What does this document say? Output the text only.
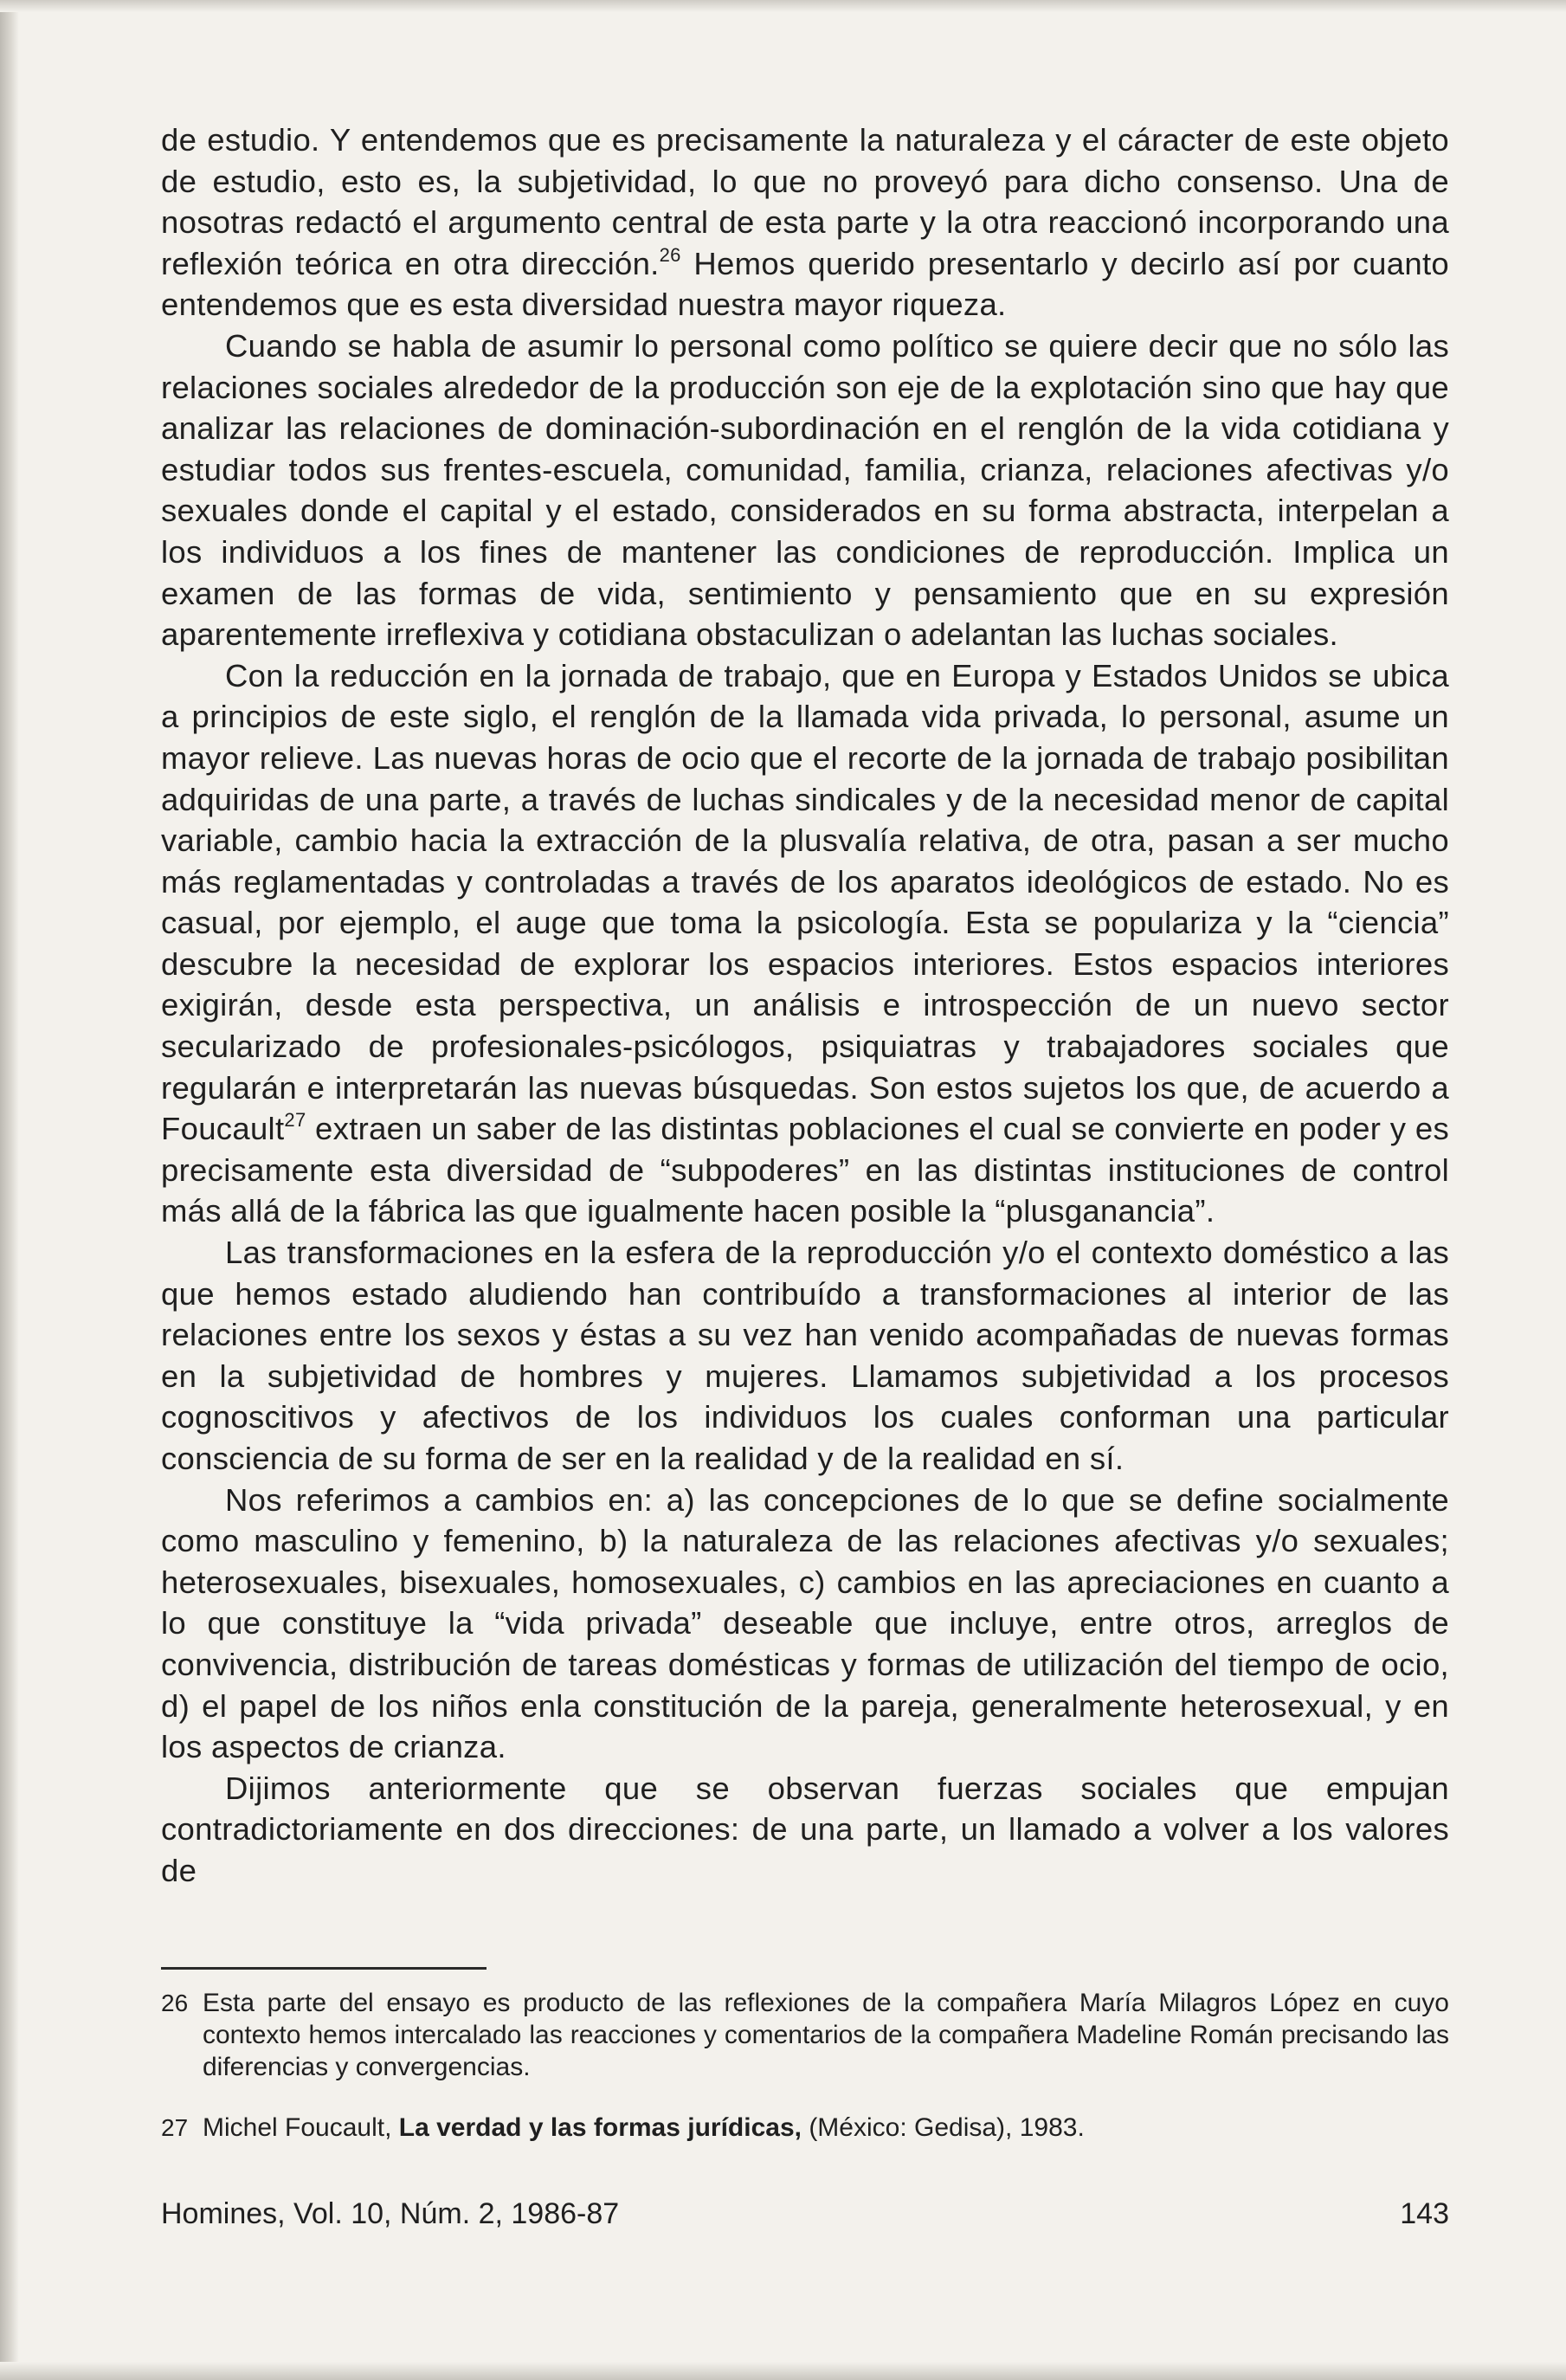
de estudio. Y entendemos que es precisamente la naturaleza y el cáracter de este objeto de estudio, esto es, la subjetividad, lo que no proveyó para dicho consenso. Una de nosotras redactó el argumento central de esta parte y la otra reaccionó incorporando una reflexión teórica en otra dirección.$^{26}$ Hemos querido presentarlo y decirlo así por cuanto entendemos que es esta diversidad nuestra mayor riqueza.

Cuando se habla de asumir lo personal como político se quiere decir que no sólo las relaciones sociales alrededor de la producción son eje de la explotación sino que hay que analizar las relaciones de dominación-subordinación en el renglón de la vida cotidiana y estudiar todos sus frentes-escuela, comunidad, familia, crianza, relaciones afectivas y/o sexuales donde el capital y el estado, considerados en su forma abstracta, interpelan a los individuos a los fines de mantener las condiciones de reproducción. Implica un examen de las formas de vida, sentimiento y pensamiento que en su expresión aparentemente irreflexiva y cotidiana obstaculizan o adelantan las luchas sociales.

Con la reducción en la jornada de trabajo, que en Europa y Estados Unidos se ubica a principios de este siglo, el renglón de la llamada vida privada, lo personal, asume un mayor relieve. Las nuevas horas de ocio que el recorte de la jornada de trabajo posibilitan adquiridas de una parte, a través de luchas sindicales y de la necesidad menor de capital variable, cambio hacia la extracción de la plusvalía relativa, de otra, pasan a ser mucho más reglamentadas y controladas a través de los aparatos ideológicos de estado. No es casual, por ejemplo, el auge que toma la psicología. Esta se populariza y la “ciencia” descubre la necesidad de explorar los espacios interiores. Estos espacios interiores exigirán, desde esta perspectiva, un análisis e introspección de un nuevo sector secularizado de profesionales-psicólogos, psiquiatras y trabajadores sociales que regularán e interpretarán las nuevas búsquedas. Son estos sujetos los que, de acuerdo a Foucault$^{27}$ extraen un saber de las distintas poblaciones el cual se convierte en poder y es precisamente esta diversidad de “subpoderes” en las distintas instituciones de control más allá de la fábrica las que igualmente hacen posible la “plusganancia”.

Las transformaciones en la esfera de la reproducción y/o el contexto doméstico a las que hemos estado aludiendo han contribuído a transformaciones al interior de las relaciones entre los sexos y éstas a su vez han venido acompañadas de nuevas formas en la subjetividad de hombres y mujeres. Llamamos subjetividad a los procesos cognoscitivos y afectivos de los individuos los cuales conforman una particular consciencia de su forma de ser en la realidad y de la realidad en sí.

Nos referimos a cambios en: a) las concepciones de lo que se define socialmente como masculino y femenino, b) la naturaleza de las relaciones afectivas y/o sexuales; heterosexuales, bisexuales, homosexuales, c) cambios en las apreciaciones en cuanto a lo que constituye la “vida privada” deseable que incluye, entre otros, arreglos de convivencia, distribución de tareas domésticas y formas de utilización del tiempo de ocio, d) el papel de los niños enla constitución de la pareja, generalmente heterosexual, y en los aspectos de crianza.

Dijimos anteriormente que se observan fuerzas sociales que empujan contradictoriamente en dos direcciones: de una parte, un llamado a volver a los valores de

26 Esta parte del ensayo es producto de las reflexiones de la compañera María Milagros López en cuyo contexto hemos intercalado las reacciones y comentarios de la compañera Madeline Román precisando las diferencias y convergencias.
27 Michel Foucault, La verdad y las formas jurídicas, (México: Gedisa), 1983.
Homines, Vol. 10, Núm. 2, 1986-87	143
